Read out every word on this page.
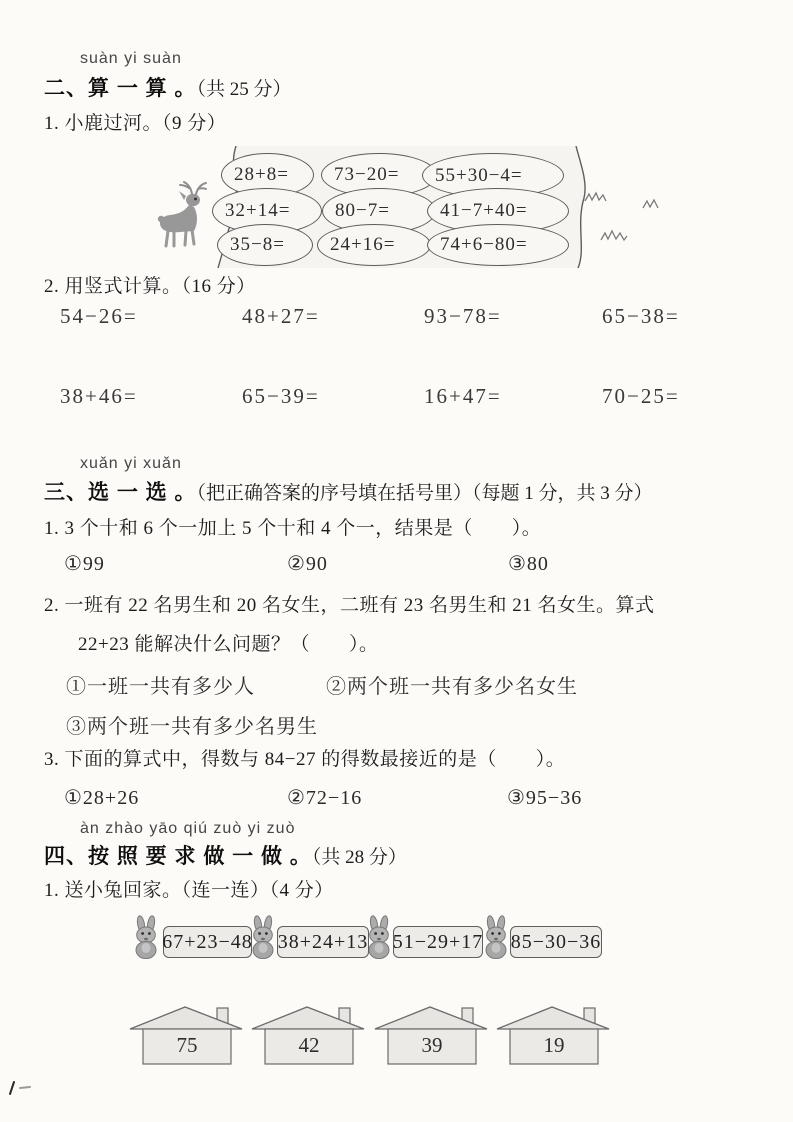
suàn yi suàn
二、算 一 算 。（共 25 分）
1. 小鹿过河。（9 分）
28+8=	73−20=	55+30−4=
32+14=	80−7=	41−7+40=
35−8=	24+16=	74+6−80=
2. 用竖式计算。（16 分）
54−26=	48+27=	93−78=	65−38=
38+46=	65−39=	16+47=	70−25=
xuǎn yi xuǎn
三、选 一 选 。（把正确答案的序号填在括号里）（每题 1 分，共 3 分）
1. 3 个十和 6 个一加上 5 个十和 4 个一，结果是（　　）。
①99	②90	③80
2. 一班有 22 名男生和 20 名女生，二班有 23 名男生和 21 名女生。算式
22+23 能解决什么问题？（　　）。
①一班一共有多少人	②两个班一共有多少名女生
③两个班一共有多少名男生
3. 下面的算式中，得数与 84−27 的得数最接近的是（　　）。
①28+26	②72−16	③95−36
àn zhào yāo qiú zuò yi zuò
四、按 照 要 求 做 一 做 。（共 28 分）
1. 送小兔回家。（连一连）（4 分）
67+23−48 38+24+13 51−29+17 85−30−36
75	42	39	19
